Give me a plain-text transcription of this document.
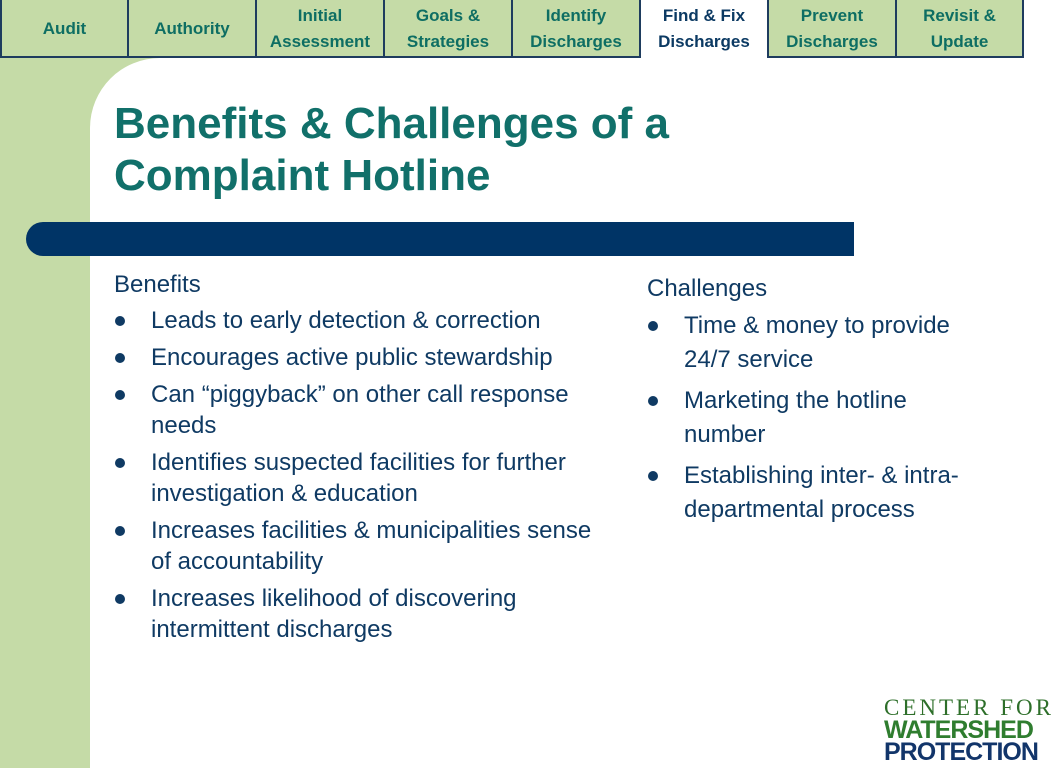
Audit	Authority
Initial
Assessment
Goals &
Strategies
Identify
Discharges
Find & Fix
Discharges
Prevent
Discharges
Revisit &
Update
Benefits & Challenges of a Complaint Hotline
Benefits
Leads to early detection & correction
Encourages active public stewardship
Can “piggyback” on other call response needs
Identifies suspected facilities for further investigation & education
Increases facilities & municipalities sense of accountability
Increases likelihood of discovering intermittent discharges
Challenges
Time & money to provide 24/7 service
Marketing the hotline number
Establishing inter- & intra-departmental process
CENTER FOR
WATERSHED
PROTECTION
